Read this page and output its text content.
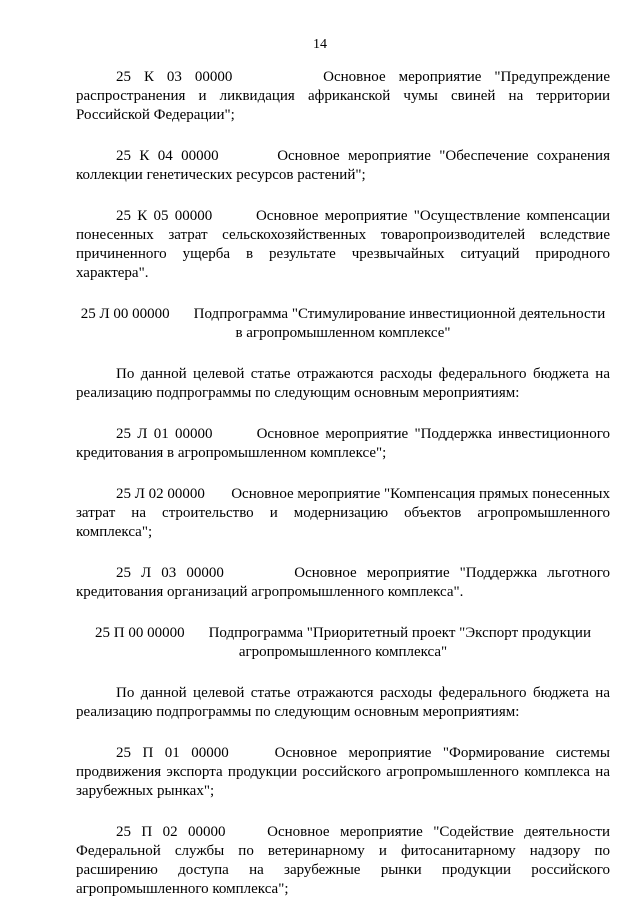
14

25 К 03 00000	Основное мероприятие "Предупреждение распространения и ликвидация африканской чумы свиней на территории Российской Федерации";

25 К 04 00000	Основное мероприятие "Обеспечение сохранения коллекции генетических ресурсов растений";

25 К 05 00000	Основное мероприятие "Осуществление компенсации понесенных затрат сельскохозяйственных товаропроизводителей вследствие причиненного ущерба в результате чрезвычайных ситуаций природного характера".

25 Л 00 00000 Подпрограмма "Стимулирование инвестиционной деятельности в агропромышленном комплексе"

По данной целевой статье отражаются расходы федерального бюджета на реализацию подпрограммы по следующим основным мероприятиям:

25 Л 01 00000	Основное мероприятие "Поддержка инвестиционного кредитования в агропромышленном комплексе";

25 Л 02 00000 Основное мероприятие "Компенсация прямых понесенных затрат на строительство и модернизацию объектов агропромышленного комплекса";

25 Л 03 00000	Основное мероприятие "Поддержка льготного кредитования организаций агропромышленного комплекса".

25 П 00 00000 Подпрограмма "Приоритетный проект "Экспорт продукции агропромышленного комплекса"

По данной целевой статье отражаются расходы федерального бюджета на реализацию подпрограммы по следующим основным мероприятиям:

25 П 01 00000	Основное мероприятие "Формирование системы продвижения экспорта продукции российского агропромышленного комплекса на зарубежных рынках";

25 П 02 00000	Основное мероприятие "Содействие деятельности Федеральной службы по ветеринарному и фитосанитарному надзору по расширению доступа на зарубежные рынки продукции российского агропромышленного комплекса";
